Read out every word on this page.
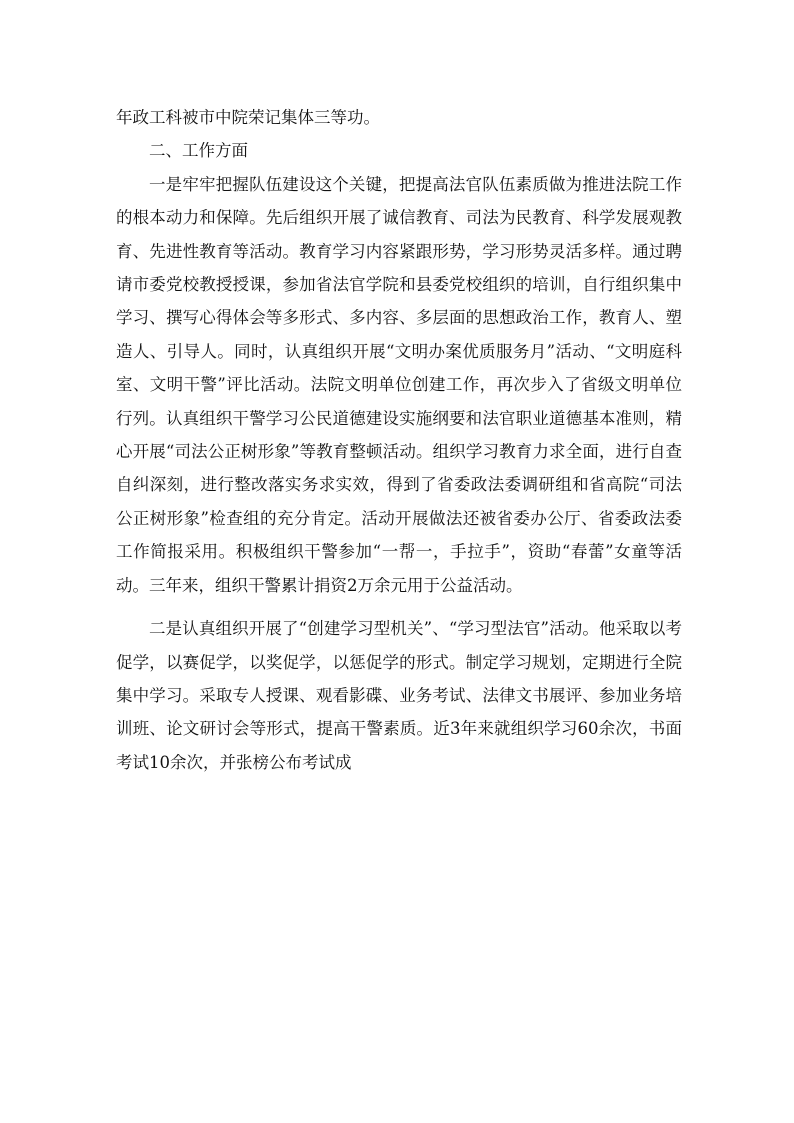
年政工科被市中院荣记集体三等功。

二、工作方面

一是牢牢把握队伍建设这个关键，把提高法官队伍素质做为推进法院工作的根本动力和保障。先后组织开展了诚信教育、司法为民教育、科学发展观教育、先进性教育等活动。教育学习内容紧跟形势，学习形势灵活多样。通过聘请市委党校教授授课，参加省法官学院和县委党校组织的培训，自行组织集中学习、撰写心得体会等多形式、多内容、多层面的思想政治工作，教育人、塑造人、引导人。同时，认真组织开展“文明办案优质服务月”活动、“文明庭科室、文明干警”评比活动。法院文明单位创建工作，再次步入了省级文明单位行列。认真组织干警学习公民道德建设实施纲要和法官职业道德基本准则，精心开展“司法公正树形象”等教育整顿活动。组织学习教育力求全面，进行自查自纠深刻，进行整改落实务求实效，得到了省委政法委调研组和省高院“司法公正树形象”检查组的充分肯定。活动开展做法还被省委办公厅、省委政法委工作简报采用。积极组织干警参加“一帮一，手拉手”，资助“春蕾”女童等活动。三年来，组织干警累计捐资2万余元用于公益活动。

二是认真组织开展了“创建学习型机关”、“学习型法官”活动。他采取以考促学，以赛促学，以奖促学，以惩促学的形式。制定学习规划，定期进行全院集中学习。采取专人授课、观看影碟、业务考试、法律文书展评、参加业务培训班、论文研讨会等形式，提高干警素质。近3年来就组织学习60余次，书面考试10余次，并张榜公布考试成
